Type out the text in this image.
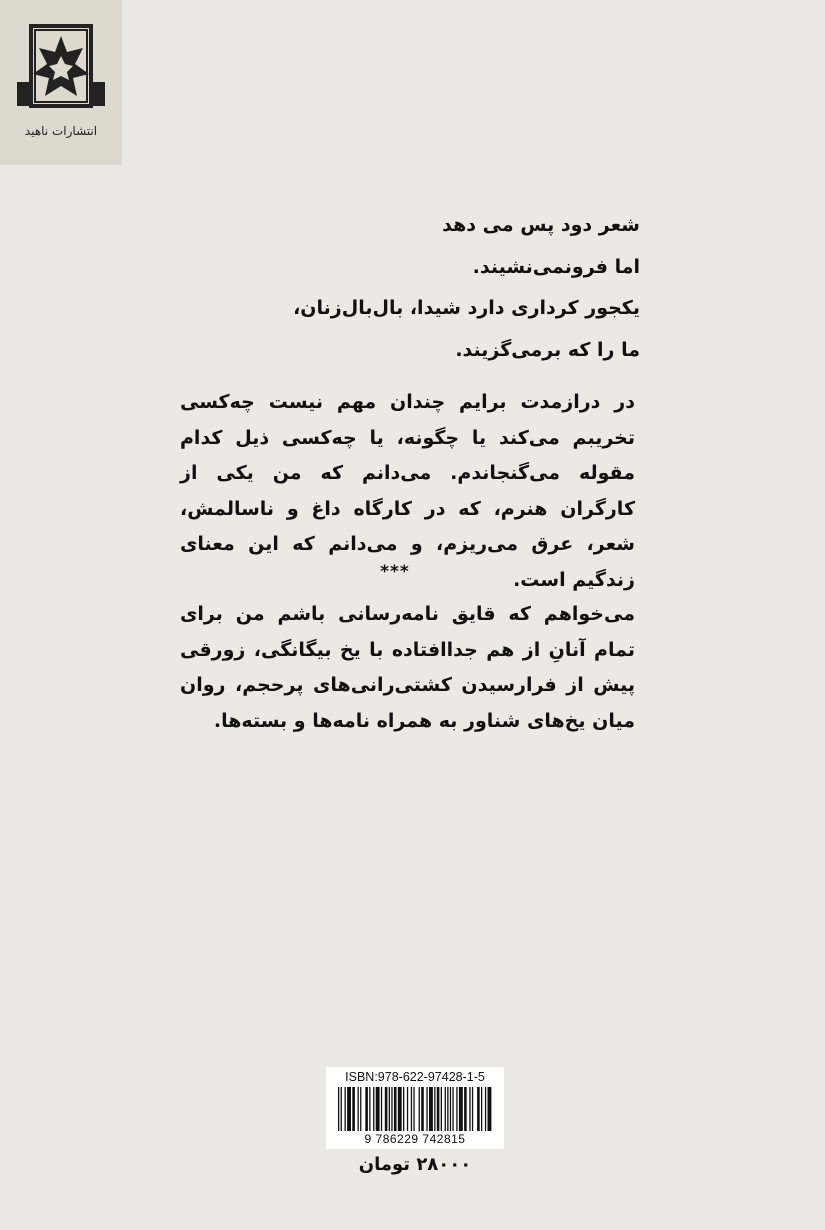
انتشارات ناهید
شعر دود پس می دهد
اما فرونمی‌نشیند.
یکجور کرداری دارد شیدا، بال‌بال‌زنان،
ما را که برمی‌گزیند.
در درازمدت برایم چندان مهم نیست چه‌کسی تخریبم می‌کند یا چگونه، یا چه‌کسی ذیل کدام مقوله می‌گنجاندم. می‌دانم که من یکی از کارگران هنرم، که در کارگاه داغ و ناسالمش، شعر، عرق می‌ریزم، و می‌دانم که این معنای زندگیم است.
***
می‌خواهم که قایق نامه‌رسانی باشم من برای تمام آنانِ از هم جداافتاده با یخ بیگانگی، زورقی پیش از فرارسیدن کشتی‌رانی‌های پرحجم، روان میان یخ‌های شناور به همراه نامه‌ها و بسته‌ها.
ISBN:978-622-97428-1-5
9 786229 742815
۲۸۰۰۰ تومان
